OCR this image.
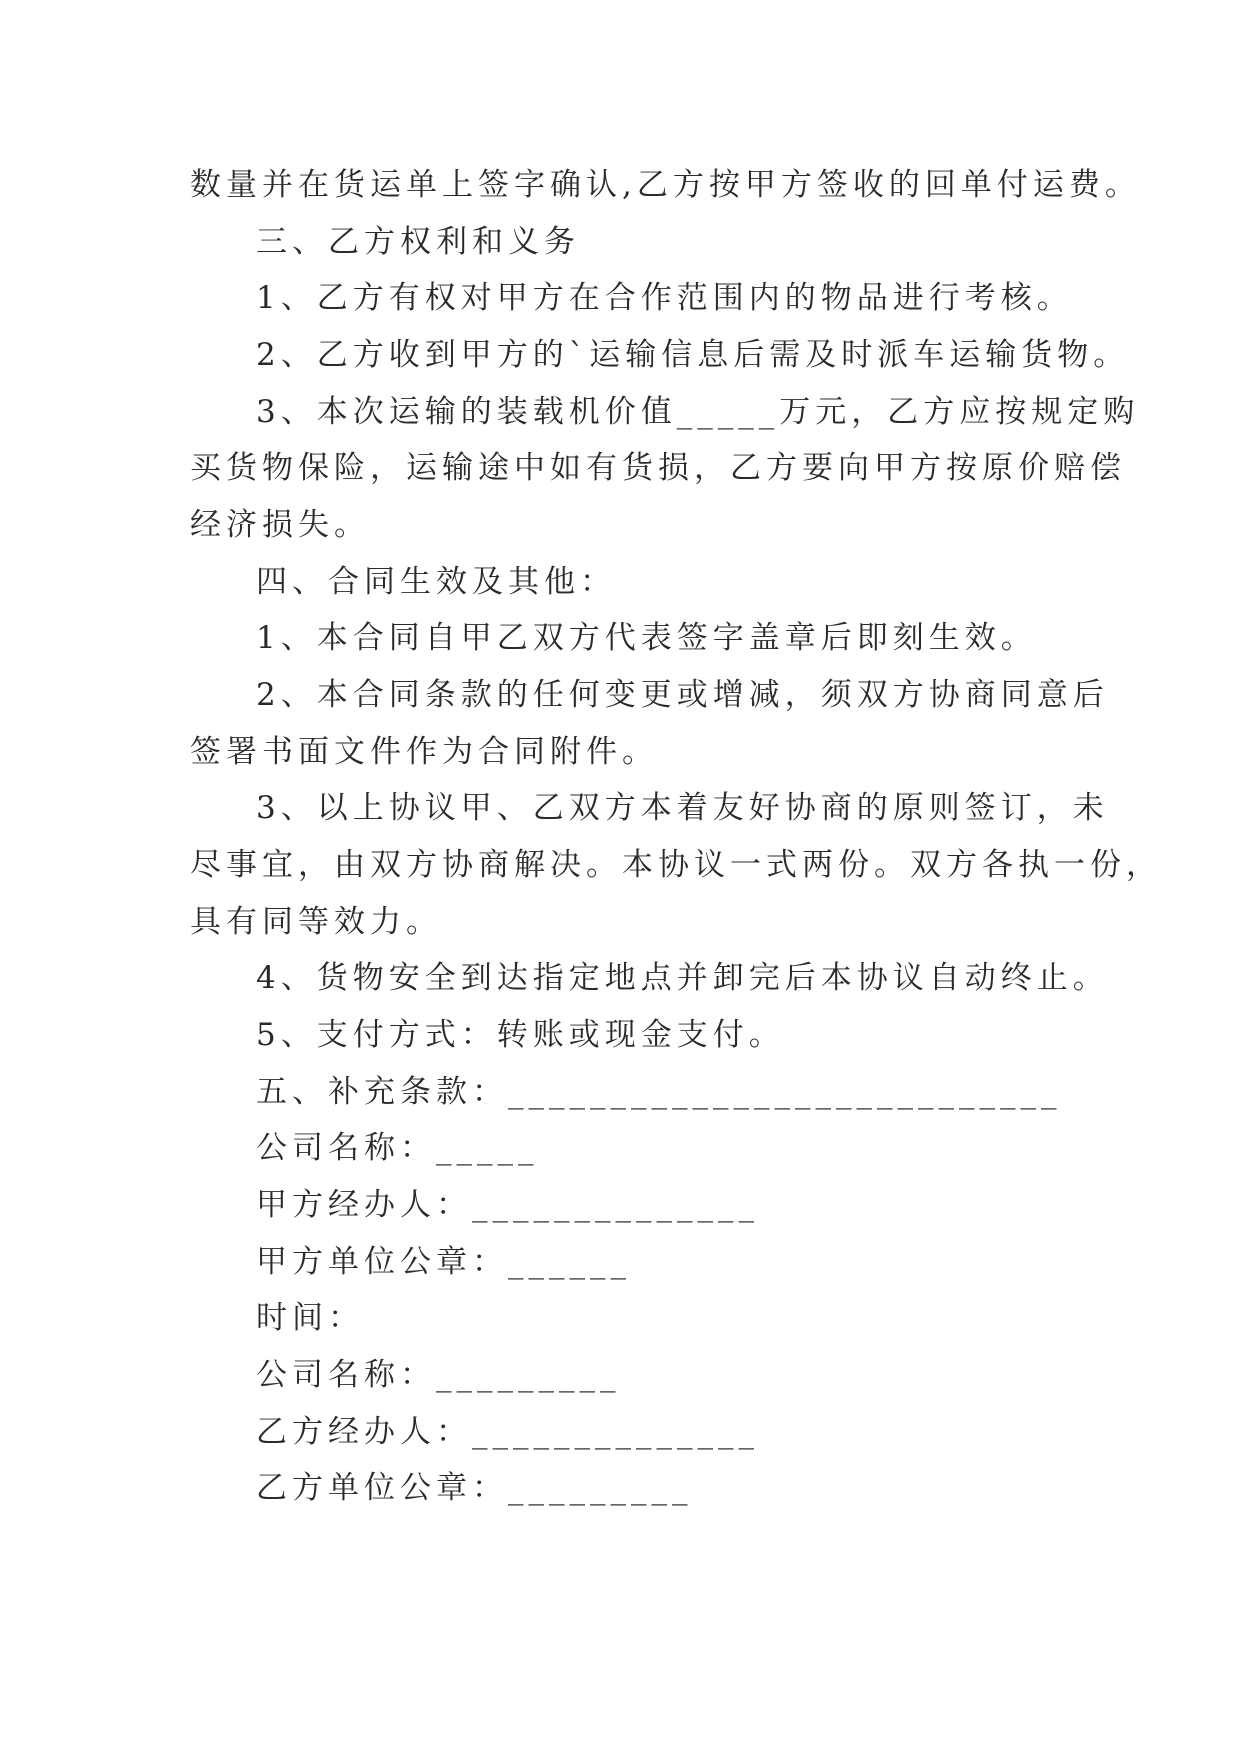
数量并在货运单上签字确认,乙方按甲方签收的回单付运费。
三、乙方权利和义务
1、乙方有权对甲方在合作范围内的物品进行考核。
2、乙方收到甲方的`运输信息后需及时派车运输货物。
3、本次运输的装载机价值_____万元，乙方应按规定购
买货物保险，运输途中如有货损，乙方要向甲方按原价赔偿
经济损失。
四、合同生效及其他：
1、本合同自甲乙双方代表签字盖章后即刻生效。
2、本合同条款的任何变更或增减，须双方协商同意后
签署书面文件作为合同附件。
3、以上协议甲、乙双方本着友好协商的原则签订，未
尽事宜，由双方协商解决。本协议一式两份。双方各执一份，
具有同等效力。
4、货物安全到达指定地点并卸完后本协议自动终止。
5、支付方式：转账或现金支付。
五、补充条款：___________________________
公司名称：_____
甲方经办人：______________
甲方单位公章：______
时间：
公司名称：_________
乙方经办人：______________
乙方单位公章：_________
